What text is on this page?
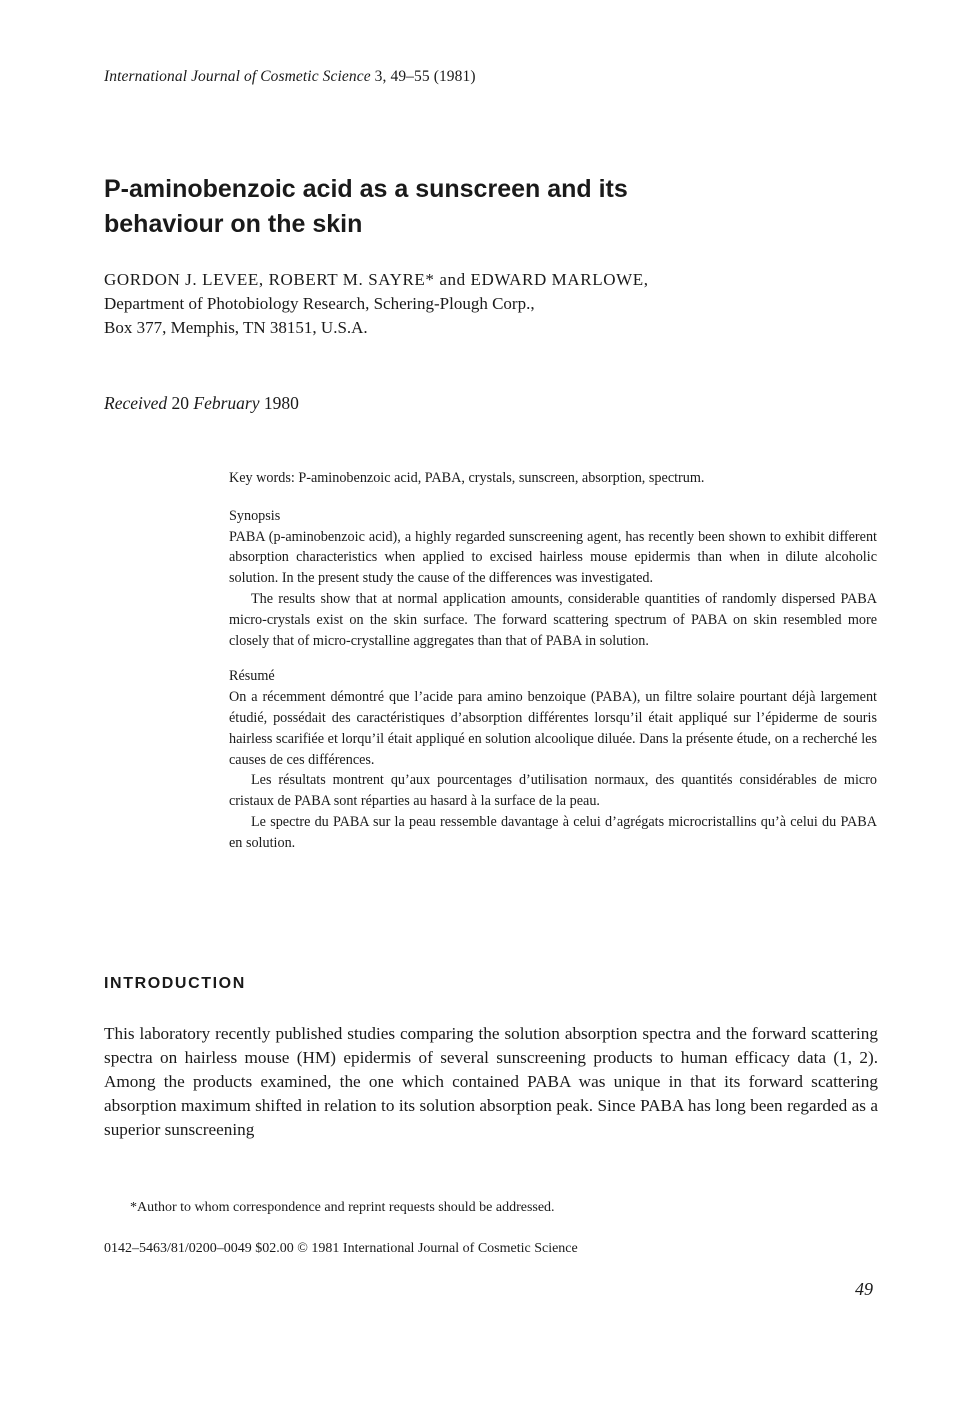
International Journal of Cosmetic Science 3, 49–55 (1981)
P-aminobenzoic acid as a sunscreen and its
behaviour on the skin
GORDON J. LEVEE, ROBERT M. SAYRE* and EDWARD MARLOWE,
Department of Photobiology Research, Schering-Plough Corp.,
Box 377, Memphis, TN 38151, U.S.A.
Received 20 February 1980

Key words: P-aminobenzoic acid, PABA, crystals, sunscreen, absorption, spectrum.

Synopsis

PABA (p-aminobenzoic acid), a highly regarded sunscreening agent, has recently been shown to exhibit different absorption characteristics when applied to excised hairless mouse epidermis than when in dilute alcoholic solution. In the present study the cause of the differences was investigated.

The results show that at normal application amounts, considerable quantities of randomly dispersed PABA micro-crystals exist on the skin surface. The forward scattering spectrum of PABA on skin resembled more closely that of micro-crystalline aggregates than that of PABA in solution.

Résumé

On a récemment démontré que l’acide para amino benzoique (PABA), un filtre solaire pourtant déjà largement étudié, possédait des caractéristiques d’absorption différentes lorsqu’il était appliqué sur l’épiderme de souris hairless scarifiée et lorqu’il était appliqué en solution alcoolique diluée. Dans la présente étude, on a recherché les causes de ces différences.

Les résultats montrent qu’aux pourcentages d’utilisation normaux, des quantités considérables de micro cristaux de PABA sont réparties au hasard à la surface de la peau.

Le spectre du PABA sur la peau ressemble davantage à celui d’agrégats microcristallins qu’à celui du PABA en solution.

INTRODUCTION

This laboratory recently published studies comparing the solution absorption spectra and the forward scattering spectra on hairless mouse (HM) epidermis of several sunscreening products to human efficacy data (1, 2). Among the products examined, the one which contained PABA was unique in that its forward scattering absorption maximum shifted in relation to its solution absorption peak. Since PABA has long been regarded as a superior sunscreening

*Author to whom correspondence and reprint requests should be addressed.
0142–5463/81/0200–0049 $02.00 © 1981 International Journal of Cosmetic Science
49
